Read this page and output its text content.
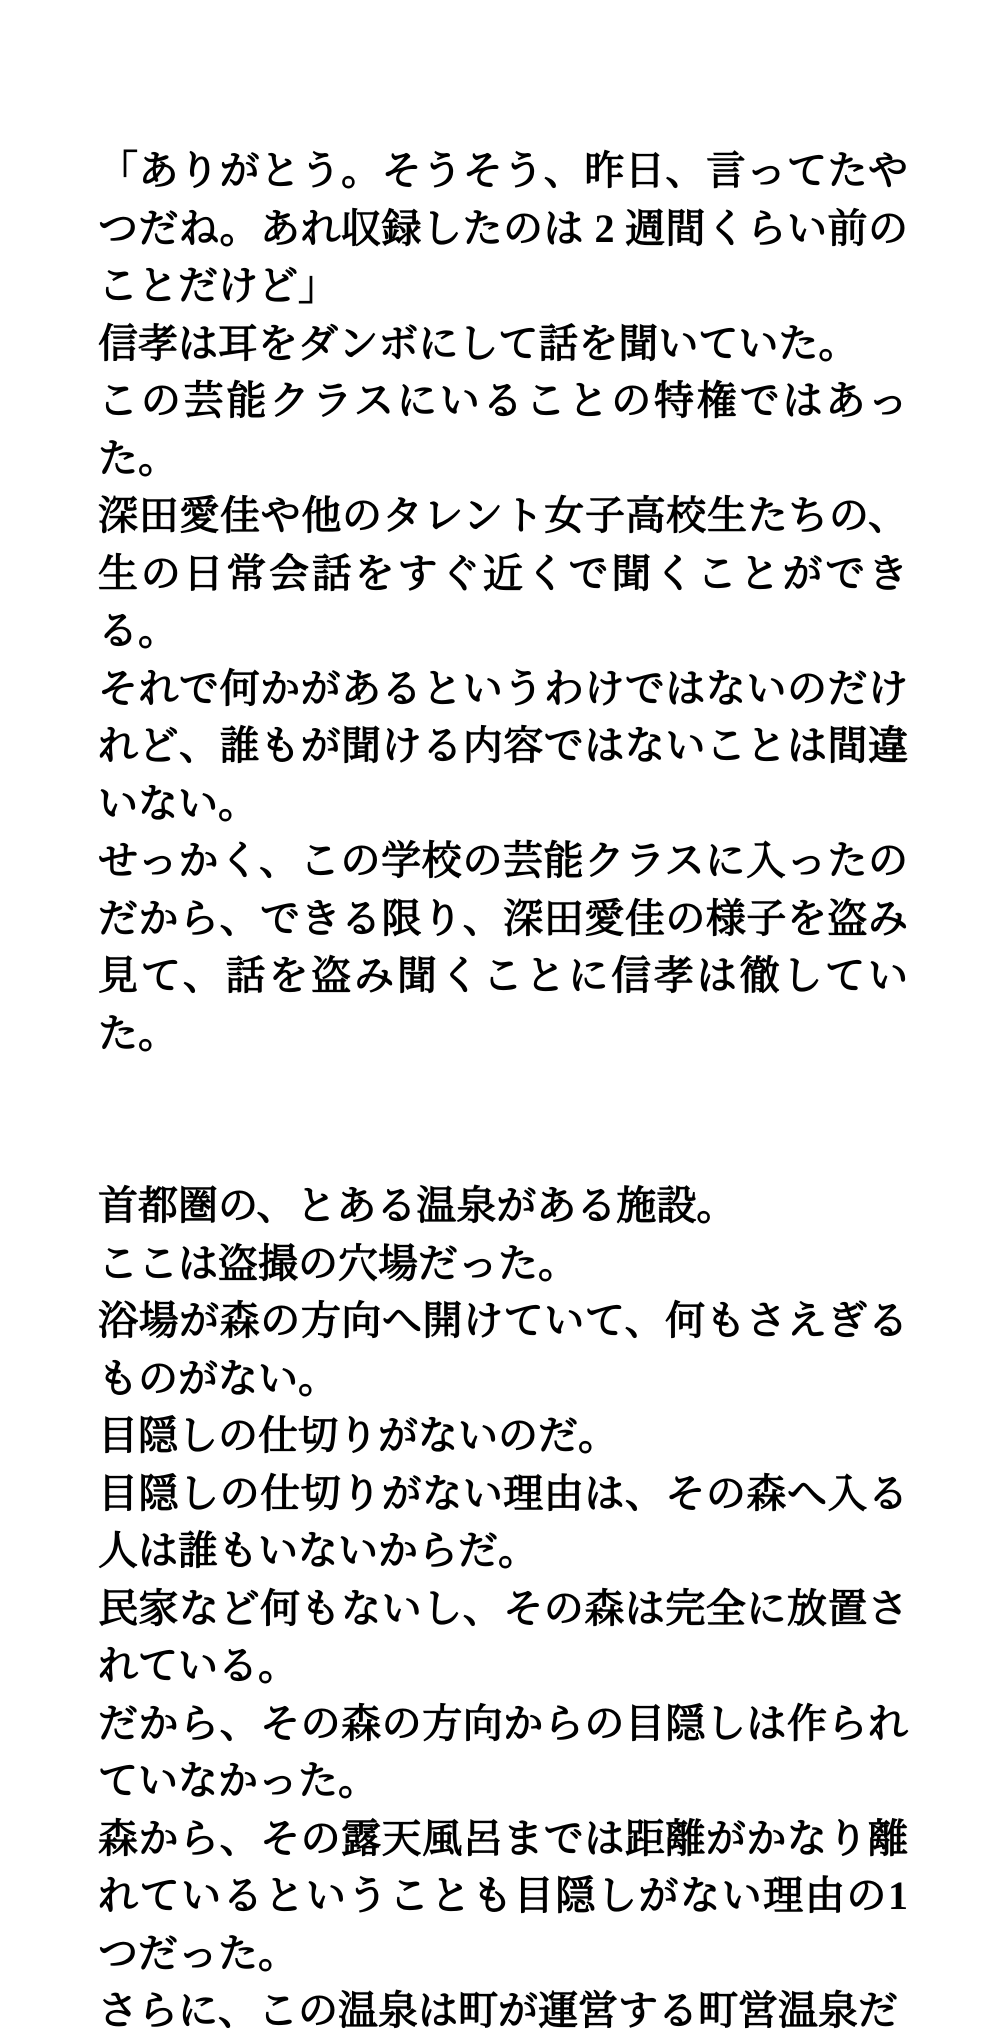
「ありがとう。そうそう、昨日、言ってたやつだね。あれ収録したのは 2 週間くらい前のことだけど」

信孝は耳をダンボにして話を聞いていた。

この芸能クラスにいることの特権ではあった。

深田愛佳や他のタレント女子高校生たちの、生の日常会話をすぐ近くで聞くことができる。

それで何かがあるというわけではないのだけれど、誰もが聞ける内容ではないことは間違いない。

せっかく、この学校の芸能クラスに入ったのだから、できる限り、深田愛佳の様子を盗み見て、話を盗み聞くことに信孝は徹していた。

首都圏の、とある温泉がある施設。

ここは盗撮の穴場だった。

浴場が森の方向へ開けていて、何もさえぎるものがない。

目隠しの仕切りがないのだ。

目隠しの仕切りがない理由は、その森へ入る人は誰もいないからだ。

民家など何もないし、その森は完全に放置されている。

だから、その森の方向からの目隠しは作られていなかった。

森から、その露天風呂までは距離がかなり離れているということも目隠しがない理由の1つだった。

さらに、この温泉は町が運営する町営温泉だ
